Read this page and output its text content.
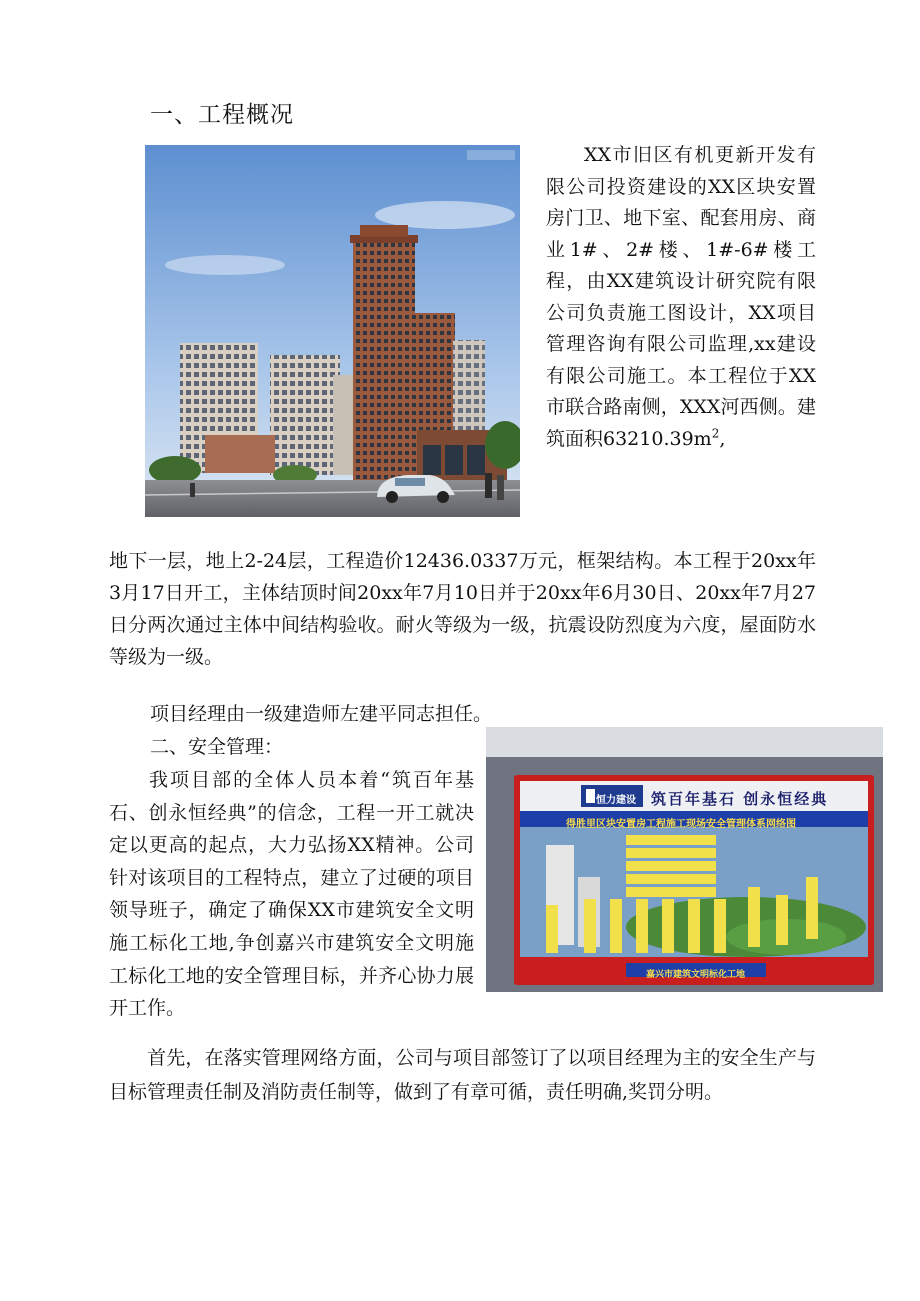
一、工程概况
XX市旧区有机更新开发有限公司投资建设的XX区块安置房门卫、地下室、配套用房、商业1#、2#楼、1#-6#楼工程，由XX建筑设计研究院有限公司负责施工图设计，XX项目管理咨询有限公司监理,xx建设有限公司施工。本工程位于XX市联合路南侧，XXX河西侧。建筑面积$63210.39m^2$,
地下一层，地上2-24层，工程造价12436.0337万元，框架结构。本工程于20xx年3月17日开工，主体结顶时间20xx年7月10日并于20xx年6月30日、20xx年7月27日分两次通过主体中间结构验收。耐火等级为一级，抗震设防烈度为六度，屋面防水等级为一级。
项目经理由一级建造师左建平同志担任。
二、安全管理：
我项目部的全体人员本着“筑百年基石、创永恒经典”的信念，工程一开工就决定以更高的起点，大力弘扬XX精神。公司针对该项目的工程特点，建立了过硬的项目领导班子，确定了确保XX市建筑安全文明施工标化工地,争创嘉兴市建筑安全文明施工标化工地的安全管理目标，并齐心协力展开工作。
恒力建设 筑百年基石 创永恒经典
得胜里区块安置房工程施工现场安全管理体系网络图
嘉兴市建筑文明标化工地
首先，在落实管理网络方面，公司与项目部签订了以项目经理为主的安全生产与目标管理责任制及消防责任制等，做到了有章可循，责任明确,奖罚分明。
